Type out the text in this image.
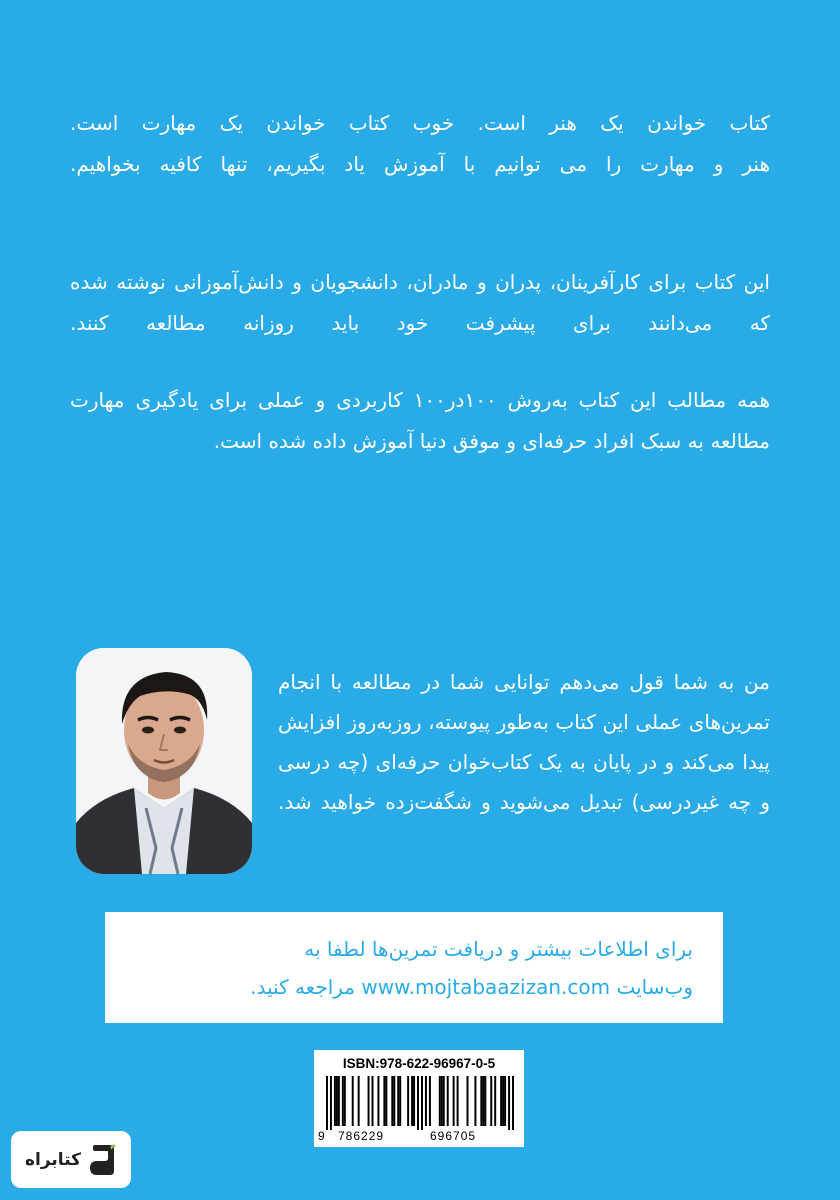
کتاب خواندن یک هنر است. خوب کتاب خواندن یک مهارت است.
هنر و مهارت را می توانیم با آموزش یاد بگیریم، تنها کافیه بخواهیم.

این کتاب برای کارآفرینان، پدران و مادران، دانشجویان و دانش‌آموزانی نوشته شده که می‌دانند برای پیشرفت خود باید روزانه مطالعه کنند.

همه مطالب این کتاب به‌روش ۱۰۰در۱۰۰ کاربردی و عملی برای یادگیری مهارت مطالعه به سبک افراد حرفه‌ای و موفق دنیا آموزش داده شده است.

من به شما قول می‌دهم توانایی شما در مطالعه با انجام تمرین‌های عملی این کتاب به‌طور پیوسته، روزبه‌روز افزایش پیدا می‌کند و در پایان به یک کتاب‌خوان حرفه‌ای (چه درسی و چه غیردرسی) تبدیل می‌شوید و شگفت‌زده خواهید شد.

برای اطلاعات بیشتر و دریافت تمرین‌ها لطفا به

وب‌سایت www.mojtabaazizan.com مراجعه کنید.

ISBN:978-622-96967-0-5
9 786229	696705
کتابراه
